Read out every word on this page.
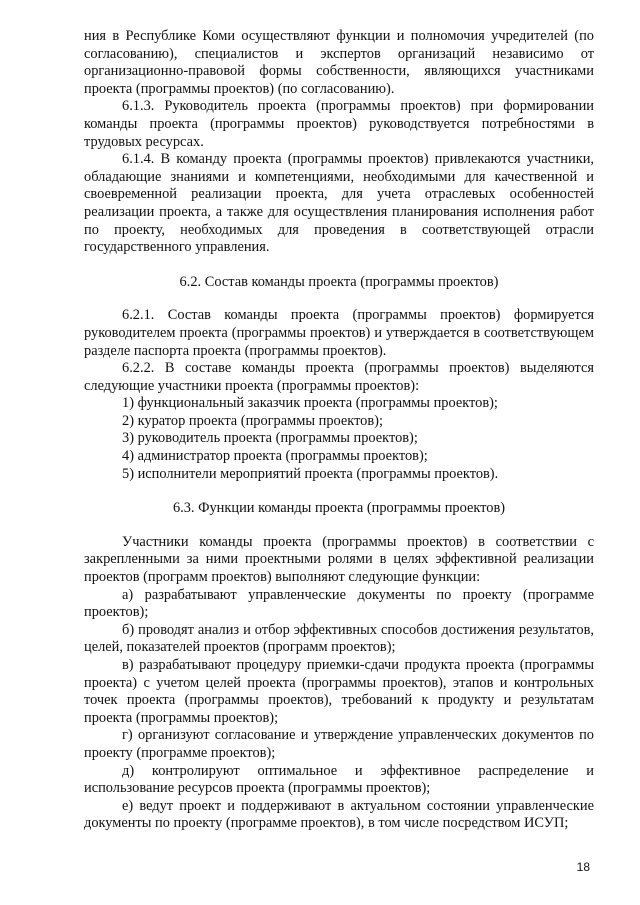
ния в Республике Коми осуществляют функции и полномочия учредителей (по согласованию), специалистов и экспертов организаций независимо от организационно-правовой формы собственности, являющихся участниками проекта (программы проектов) (по согласованию).

6.1.3. Руководитель проекта (программы проектов) при формировании команды проекта (программы проектов) руководствуется потребностями в трудовых ресурсах.

6.1.4. В команду проекта (программы проектов) привлекаются участники, обладающие знаниями и компетенциями, необходимыми для качественной и своевременной реализации проекта, для учета отраслевых особенностей реализации проекта, а также для осуществления планирования исполнения работ по проекту, необходимых для проведения в соответствующей отрасли государственного управления.

6.2. Состав команды проекта (программы проектов)

6.2.1. Состав команды проекта (программы проектов) формируется руководителем проекта (программы проектов) и утверждается в соответствующем разделе паспорта проекта (программы проектов).

6.2.2. В составе команды проекта (программы проектов) выделяются следующие участники проекта (программы проектов):

1) функциональный заказчик проекта (программы проектов);
2) куратор проекта (программы проектов);
3) руководитель проекта (программы проектов);
4) администратор проекта (программы проектов);
5) исполнители мероприятий проекта (программы проектов).
6.3. Функции команды проекта (программы проектов)

Участники команды проекта (программы проектов) в соответствии с закрепленными за ними проектными ролями в целях эффективной реализации проектов (программ проектов) выполняют следующие функции:

а) разрабатывают управленческие документы по проекту (программе проектов);

б) проводят анализ и отбор эффективных способов достижения результатов, целей, показателей проектов (программ проектов);

в) разрабатывают процедуру приемки-сдачи продукта проекта (программы проекта) с учетом целей проекта (программы проектов), этапов и контрольных точек проекта (программы проектов), требований к продукту и результатам проекта (программы проектов);

г) организуют согласование и утверждение управленческих документов по проекту (программе проектов);

д) контролируют оптимальное и эффективное распределение и использование ресурсов проекта (программы проектов);

е) ведут проект и поддерживают в актуальном состоянии управленческие документы по проекту (программе проектов), в том числе посредством ИСУП;

18
